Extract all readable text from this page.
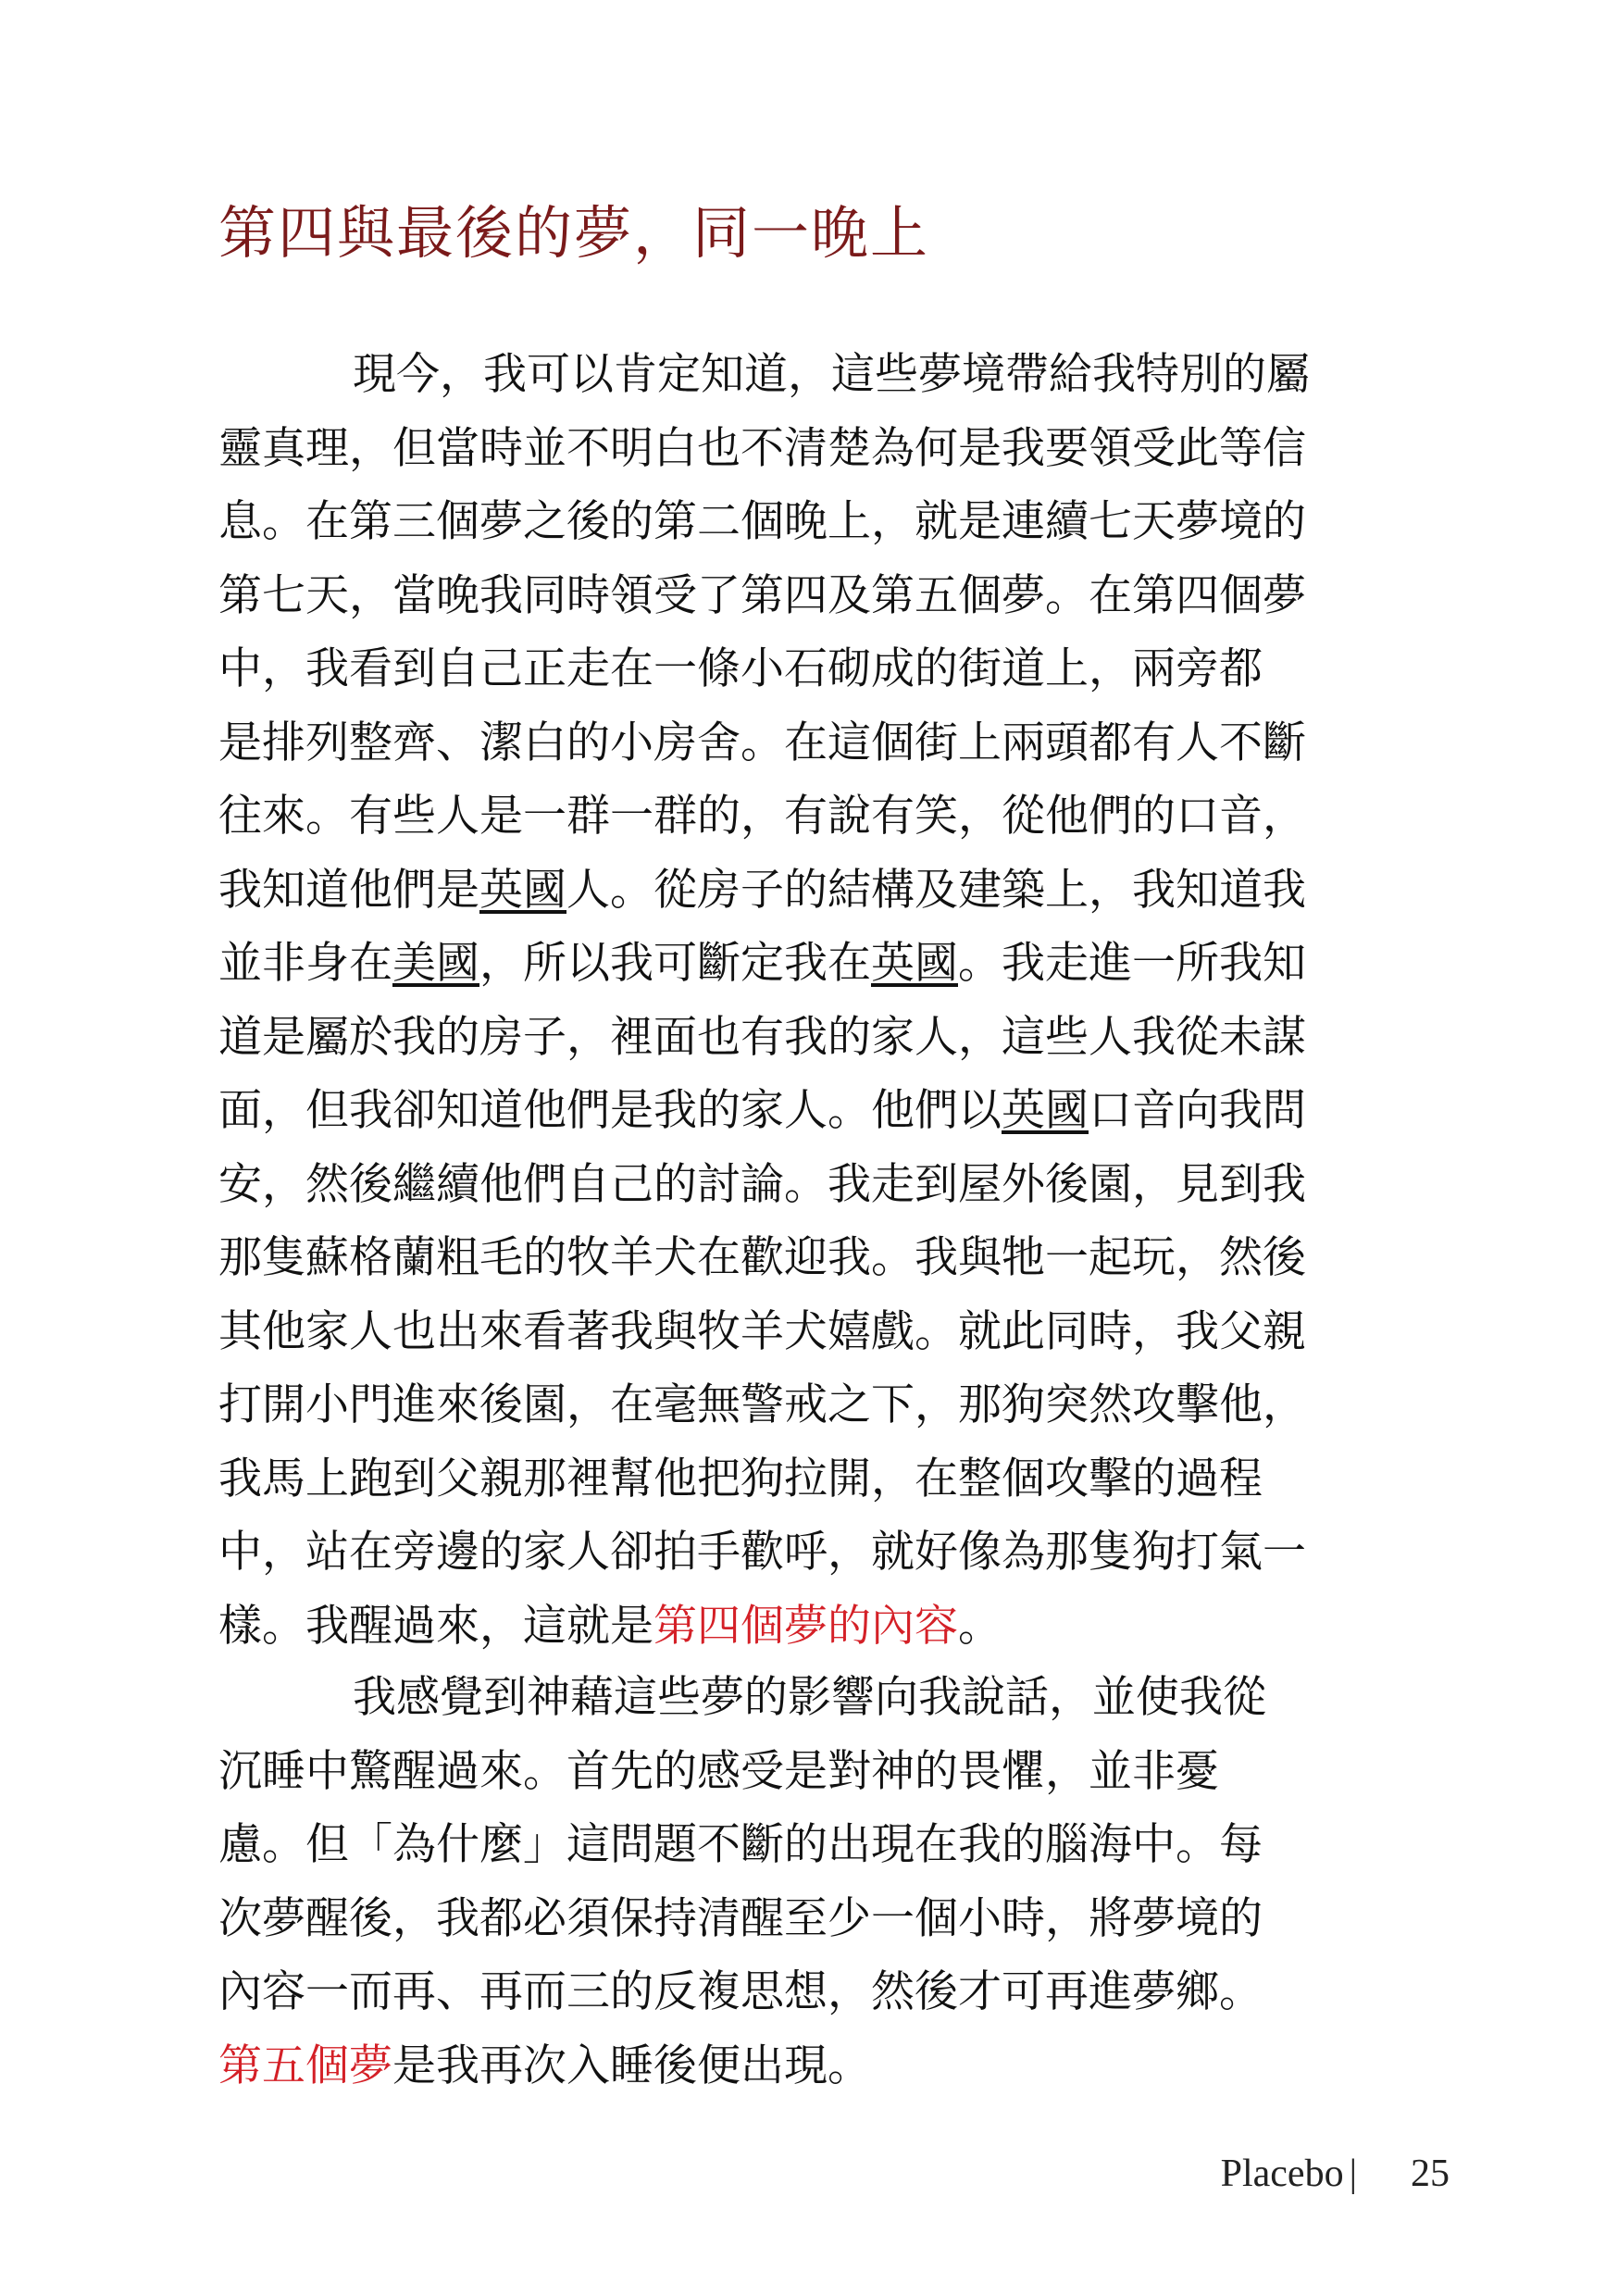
第四與最後的夢，同一晚上
現今，我可以肯定知道，這些夢境帶給我特別的屬
靈真理，但當時並不明白也不清楚為何是我要領受此等信
息。在第三個夢之後的第二個晚上，就是連續七天夢境的
第七天，當晚我同時領受了第四及第五個夢。在第四個夢
中，我看到自己正走在一條小石砌成的街道上，兩旁都
是排列整齊、潔白的小房舍。在這個街上兩頭都有人不斷
往來。有些人是一群一群的，有說有笑，從他們的口音，
我知道他們是英國人。從房子的結構及建築上，我知道我
並非身在美國，所以我可斷定我在英國。我走進一所我知
道是屬於我的房子，裡面也有我的家人，這些人我從未謀
面，但我卻知道他們是我的家人。他們以英國口音向我問
安，然後繼續他們自己的討論。我走到屋外後園，見到我
那隻蘇格蘭粗毛的牧羊犬在歡迎我。我與牠一起玩，然後
其他家人也出來看著我與牧羊犬嬉戲。就此同時，我父親
打開小門進來後園，在毫無警戒之下，那狗突然攻擊他，
我馬上跑到父親那裡幫他把狗拉開，在整個攻擊的過程
中，站在旁邊的家人卻拍手歡呼，就好像為那隻狗打氣一
樣。我醒過來，這就是第四個夢的內容。
我感覺到神藉這些夢的影響向我說話，並使我從
沉睡中驚醒過來。首先的感受是對神的畏懼，並非憂
慮。但「為什麼」這問題不斷的出現在我的腦海中。每
次夢醒後，我都必須保持清醒至少一個小時，將夢境的
內容一而再、再而三的反複思想，然後才可再進夢鄉。
第五個夢是我再次入睡後便出現。
Placebo | 25
